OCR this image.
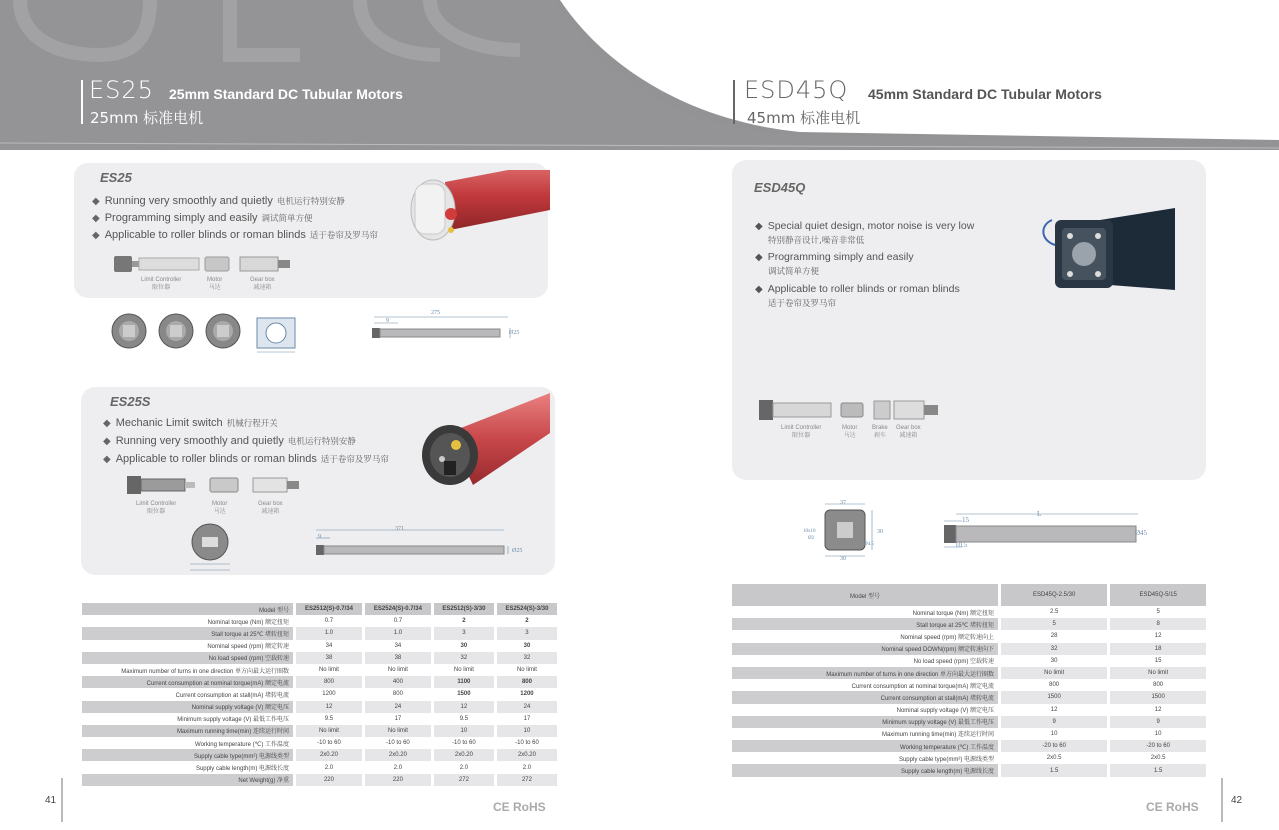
ES25 25mm Standard DC Tubular Motors
25mm 标准电机
ESD45Q 45mm Standard DC Tubular Motors
45mm 标准电机
ES25
◆ Running very smoothly and quietly 电机运行特别安静
◆ Programming simply and easily 调试简单方便
◆ Applicable to roller blinds or roman blinds 适于卷帘及罗马帘
Limit Controller
限位器
Motor
马达
Gear box
减速箱
275
9
Ø25
ES25S
◆ Mechanic Limit switch 机械行程开关
◆ Running very smoothly and quietly 电机运行特别安静
◆ Applicable to roller blinds or roman blinds 适于卷帘及罗马帘
Limit Controller
限位器
Motor
马达
Gear box
减速箱
371
9
Ø25
Model 型号		ES2512(S)-0.7/34		ES2524(S)-0.7/34		ES2512(S)-3/30		ES2524(S)-3/30
Nominal torque (Nm) 额定扭矩		0.7		0.7		2		2
Stall torque at 25℃ 堵转扭矩		1.0		1.0		3		3
Nominal speed (rpm) 额定转速		34		34		30		30
No load speed (rpm) 空载转速		38		38		32		32
Maximum number of turns in one direction 单方向最大运行圈数		No limit		No limit		No limit		No limit
Current consumption at nominal torque(mA) 额定电流		800		400		1100		800
Current consumption at stall(mA) 堵转电流		1200		800		1500		1200
Nominal supply voltage (V) 额定电压		12		24		12		24
Minimum supply voltage (V) 最低工作电压		9.5		17		9.5		17
Maximum running time(min) 连续运行时间		No limit		No limit		10		10
Working temperature (℃) 工作温度		-10 to 60		-10 to 60		-10 to 60		-10 to 60
Supply cable type(mm²) 电源线类型		2x0.20		2x0.20		2x0.20		2x0.20
Supply cable length(m) 电源线长度		2.0		2.0		2.0		2.0
Net Weight(g) 净重		220		220		272		272
41	CE RoHS
ESD45Q
◆ Special quiet design, motor noise is very low
特别静音设计,噪音非常低
◆ Programming simply and easily
调试简单方便
◆ Applicable to roller blinds or roman blinds
适于卷帘及罗马帘
Limit Controller
限位器
Motor
马达
Brake
刹车
Gear box
减速箱
37
10x10
Ø2
30
30
Ø4.5
L
15
10.5
Ø45
Model 型号		ESD45Q-2.5/30		ESD45Q-5/15
Nominal torque (Nm) 额定扭矩		2.5		5
Stall torque at 25℃ 堵转扭矩		5		8
Nominal speed (rpm) 额定转速向上		28		12
Nominal speed DOWN(rpm) 额定转速向下		32		18
No load speed (rpm) 空载转速		30		15
Maximum number of turns in one direction 单方向最大运行圈数		No limit		No limit
Current consumption at nominal torque(mA) 额定电流		800		800
Current consumption at stall(mA) 堵转电流		1500		1500
Nominal supply voltage (V) 额定电压		12		12
Minimum supply voltage (V) 最低工作电压		9		9
Maximum running time(min) 连续运行时间		10		10
Working temperature (℃) 工作温度		-20 to 60		-20 to 60
Supply cable type(mm²) 电源线类型		2x0.5		2x0.5
Supply cable length(m) 电源线长度		1.5		1.5
42
CE RoHS
